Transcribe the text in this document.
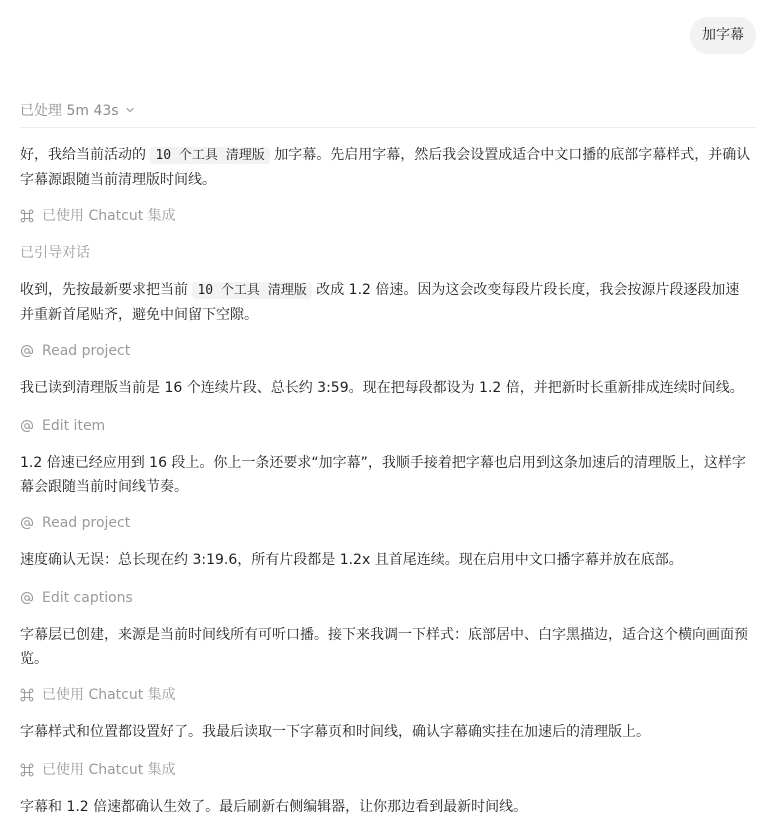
加字幕
已处理 5m 43s

好，我给当前活动的 10 个工具 清理版 加字幕。先启用字幕，然后我会设置成适合中文口播的底部字幕样式，并确认字幕源跟随当前清理版时间线。

已使用 Chatcut 集成
已引导对话

收到，先按最新要求把当前 10 个工具 清理版 改成 1.2 倍速。因为这会改变每段片段长度，我会按源片段逐段加速并重新首尾贴齐，避免中间留下空隙。

Read project

我已读到清理版当前是 16 个连续片段、总长约 3:59。现在把每段都设为 1.2 倍，并把新时长重新排成连续时间线。

Edit item

1.2 倍速已经应用到 16 段上。你上一条还要求“加字幕”，我顺手接着把字幕也启用到这条加速后的清理版上，这样字幕会跟随当前时间线节奏。

Read project

速度确认无误：总长现在约 3:19.6，所有片段都是 1.2x 且首尾连续。现在启用中文口播字幕并放在底部。

Edit captions

字幕层已创建，来源是当前时间线所有可听口播。接下来我调一下样式：底部居中、白字黑描边，适合这个横向画面预览。

已使用 Chatcut 集成

字幕样式和位置都设置好了。我最后读取一下字幕页和时间线，确认字幕确实挂在加速后的清理版上。

已使用 Chatcut 集成

字幕和 1.2 倍速都确认生效了。最后刷新右侧编辑器，让你那边看到最新时间线。
